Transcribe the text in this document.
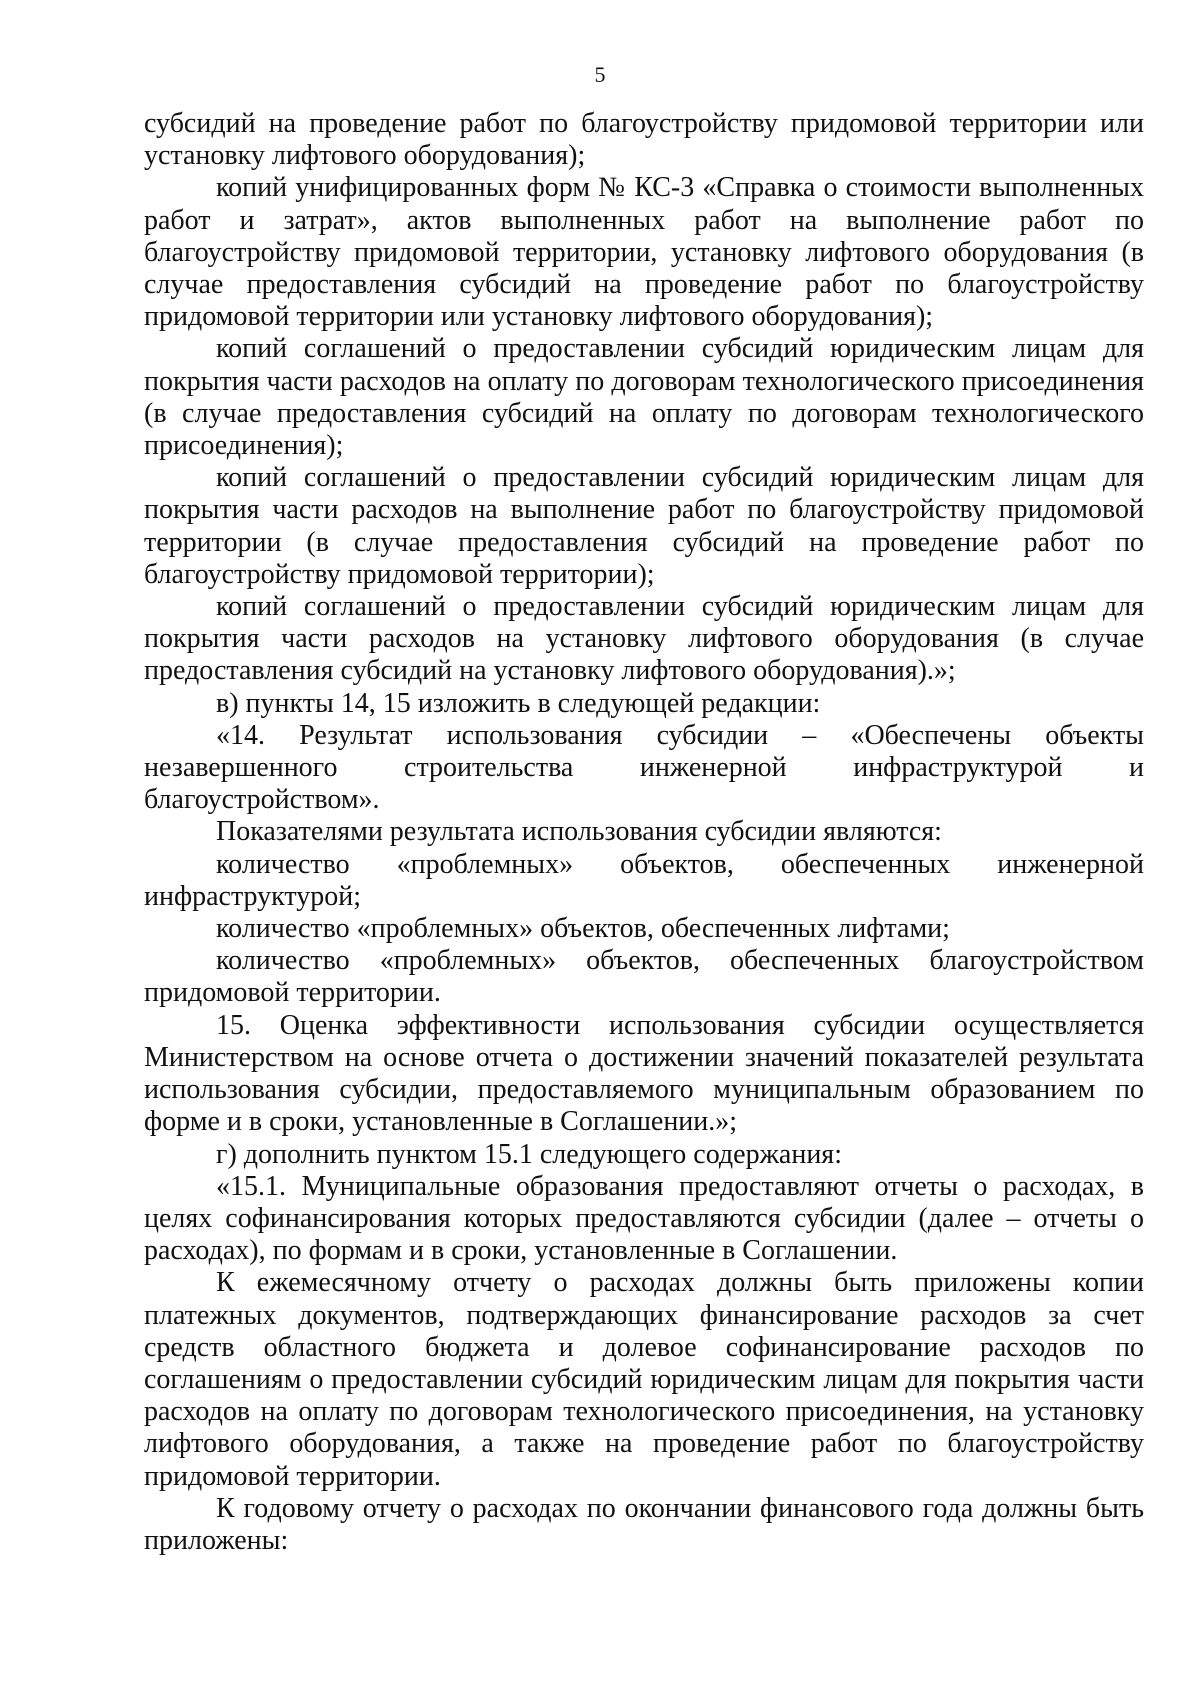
5

субсидий на проведение работ по благоустройству придомовой территории или установку лифтового оборудования);

копий унифицированных форм № КС-3 «Справка о стоимости выполненных работ и затрат», актов выполненных работ на выполнение работ по благоустройству придомовой территории, установку лифтового оборудования (в случае предоставления субсидий на проведение работ по благоустройству придомовой территории или установку лифтового оборудования);

копий соглашений о предоставлении субсидий юридическим лицам для покрытия части расходов на оплату по договорам технологического присоединения (в случае предоставления субсидий на оплату по договорам технологического присоединения);

копий соглашений о предоставлении субсидий юридическим лицам для покрытия части расходов на выполнение работ по благоустройству придомовой территории (в случае предоставления субсидий на проведение работ по благоустройству придомовой территории);

копий соглашений о предоставлении субсидий юридическим лицам для покрытия части расходов на установку лифтового оборудования (в случае предоставления субсидий на установку лифтового оборудования).»;

в) пункты 14, 15 изложить в следующей редакции:

«14. Результат использования субсидии – «Обеспечены объекты незавершенного строительства инженерной инфраструктурой и благоустройством».

Показателями результата использования субсидии являются:

количество «проблемных» объектов, обеспеченных инженерной инфраструктурой;

количество «проблемных» объектов, обеспеченных лифтами;

количество «проблемных» объектов, обеспеченных благоустройством придомовой территории.

15. Оценка эффективности использования субсидии осуществляется Министерством на основе отчета о достижении значений показателей результата использования субсидии, предоставляемого муниципальным образованием по форме и в сроки, установленные в Соглашении.»;

г) дополнить пунктом 15.1 следующего содержания:

«15.1. Муниципальные образования предоставляют отчеты о расходах, в целях софинансирования которых предоставляются субсидии (далее – отчеты о расходах), по формам и в сроки, установленные в Соглашении.

К ежемесячному отчету о расходах должны быть приложены копии платежных документов, подтверждающих финансирование расходов за счет средств областного бюджета и долевое софинансирование расходов по соглашениям о предоставлении субсидий юридическим лицам для покрытия части расходов на оплату по договорам технологического присоединения, на установку лифтового оборудования, а также на проведение работ по благоустройству придомовой территории.

К годовому отчету о расходах по окончании финансового года должны быть приложены:
